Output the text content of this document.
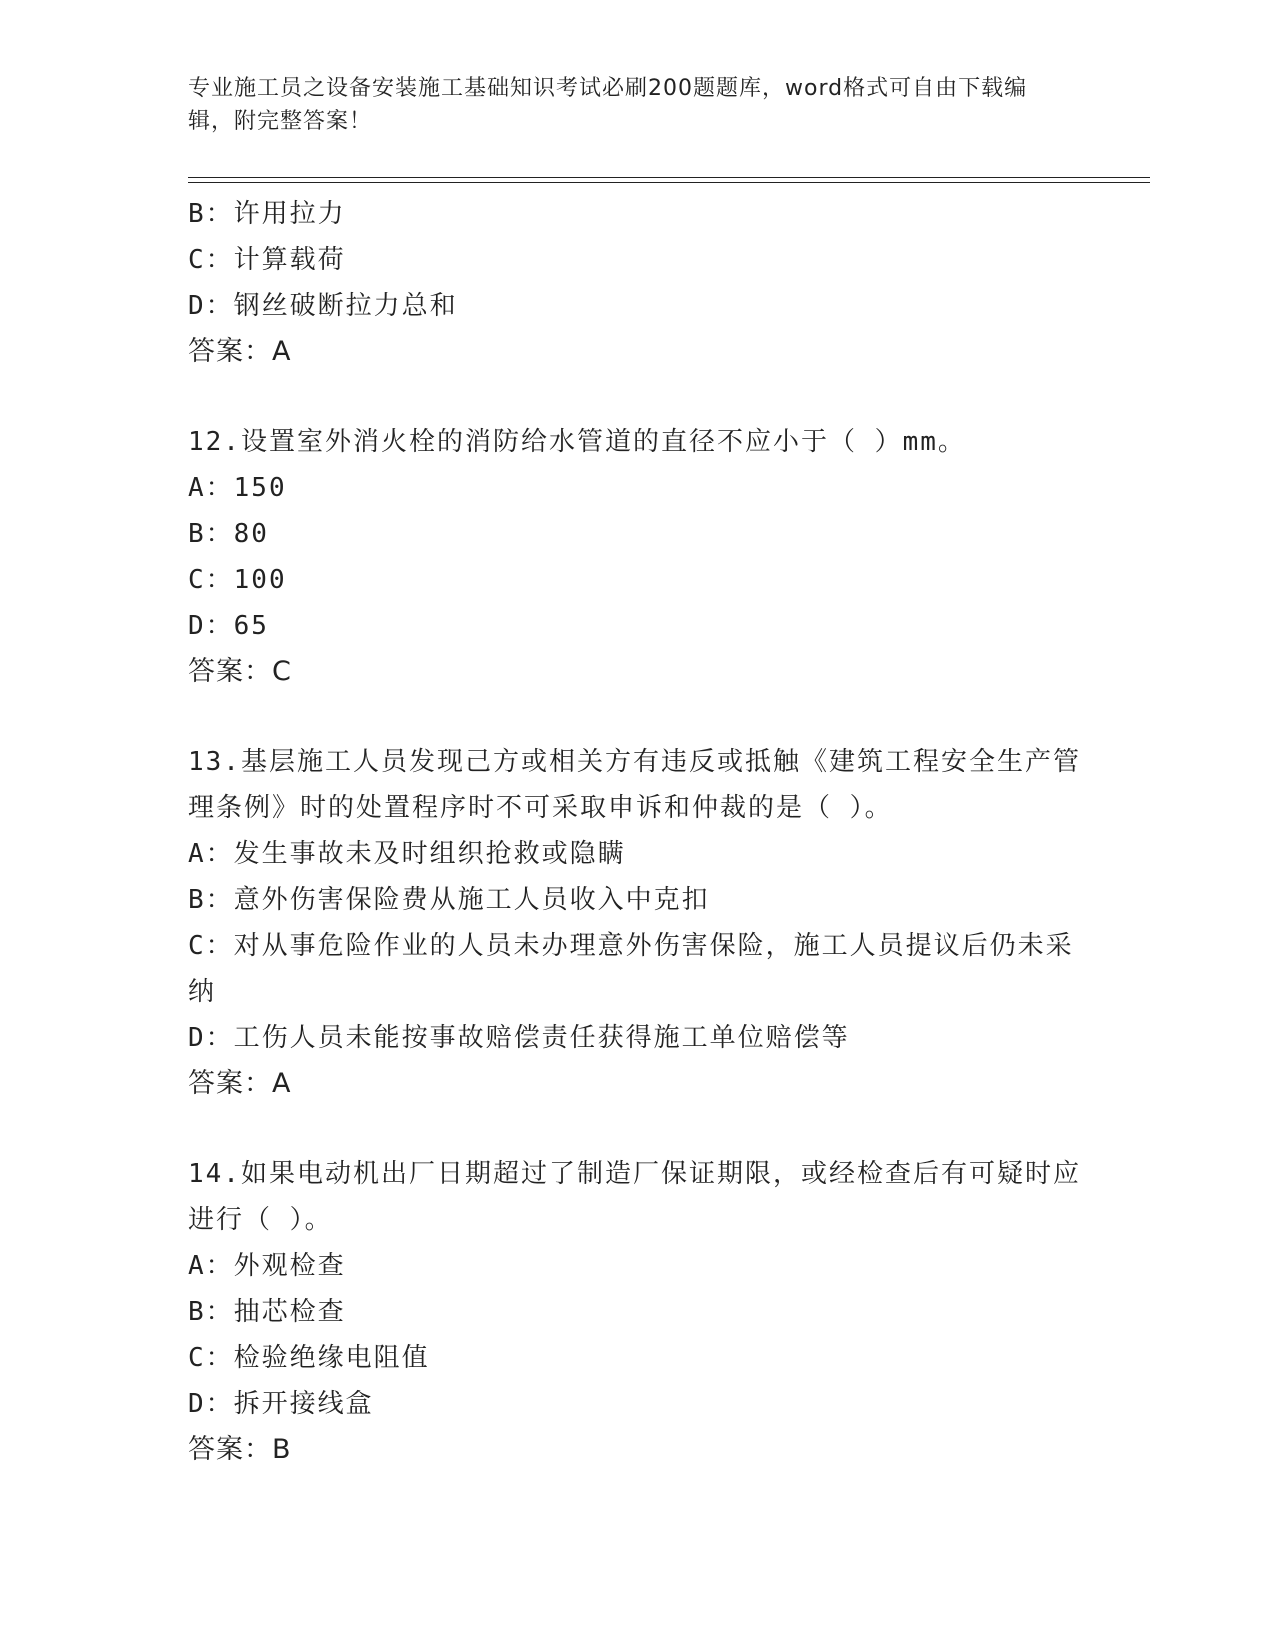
专业施工员之设备安装施工基础知识考试必刷200题题库，word格式可自由下载编辑，附完整答案！
B：许用拉力
C：计算载荷
D：钢丝破断拉力总和
答案：A
12.设置室外消火栓的消防给水管道的直径不应小于（ ）mm。
A：150
B：80
C：100
D：65
答案：C
13.基层施工人员发现己方或相关方有违反或抵触《建筑工程安全生产管理条例》时的处置程序时不可采取申诉和仲裁的是（ ）。
A：发生事故未及时组织抢救或隐瞒
B：意外伤害保险费从施工人员收入中克扣
C：对从事危险作业的人员未办理意外伤害保险，施工人员提议后仍未采纳
D：工伤人员未能按事故赔偿责任获得施工单位赔偿等
答案：A
14.如果电动机出厂日期超过了制造厂保证期限，或经检查后有可疑时应进行（ ）。
A：外观检查
B：抽芯检查
C：检验绝缘电阻值
D：拆开接线盒
答案：B
